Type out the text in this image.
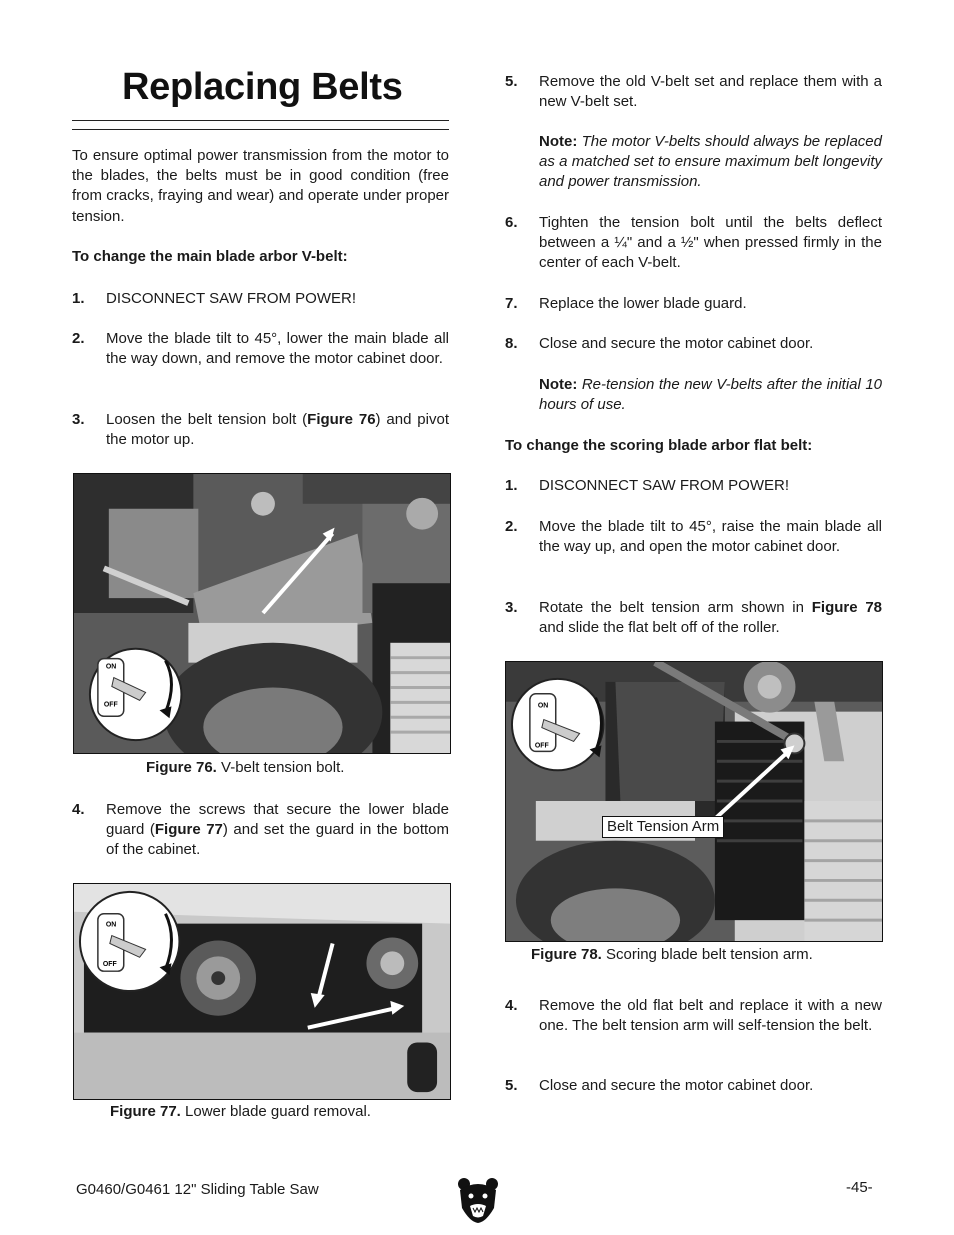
Replacing Belts
To ensure optimal power transmission from the motor to the blades, the belts must be in good condition (free from cracks, fraying and wear) and operate under proper tension.
To change the main blade arbor V-belt:
1.	DISCONNECT SAW FROM POWER!
2.	Move the blade tilt to 45°, lower the main blade all the way down, and remove the motor cabinet door.
3.	Loosen the belt tension bolt (Figure 76) and pivot the motor up.
ON
OFF
Figure 76. V-belt tension bolt.
4.	Remove the screws that secure the lower blade guard (Figure 77) and set the guard in the bottom of the cabinet.
ON
OFF
Figure 77. Lower blade guard removal.
5.	Remove the old V-belt set and replace them with a new V-belt set.
Note: The motor V-belts should always be replaced as a matched set to ensure maximum belt longevity and power transmission.
6.	Tighten the tension bolt until the belts deflect between a ¼" and a ½" when pressed firmly in the center of each V-belt.
7.	Replace the lower blade guard.
8.	Close and secure the motor cabinet door.
Note: Re-tension the new V-belts after the initial 10 hours of use.
To change the scoring blade arbor flat belt:
1.	DISCONNECT SAW FROM POWER!
2.	Move the blade tilt to 45°, raise the main blade all the way up, and open the motor cabinet door.
3.	Rotate the belt tension arm shown in Figure 78 and slide the flat belt off of the roller.
ON
OFF
Belt Tension Arm
Figure 78. Scoring blade belt tension arm.
4.	Remove the old flat belt and replace it with a new one. The belt tension arm will self-tension the belt.
5.	Close and secure the motor cabinet door.
G0460/G0461 12" Sliding Table Saw	-45-
